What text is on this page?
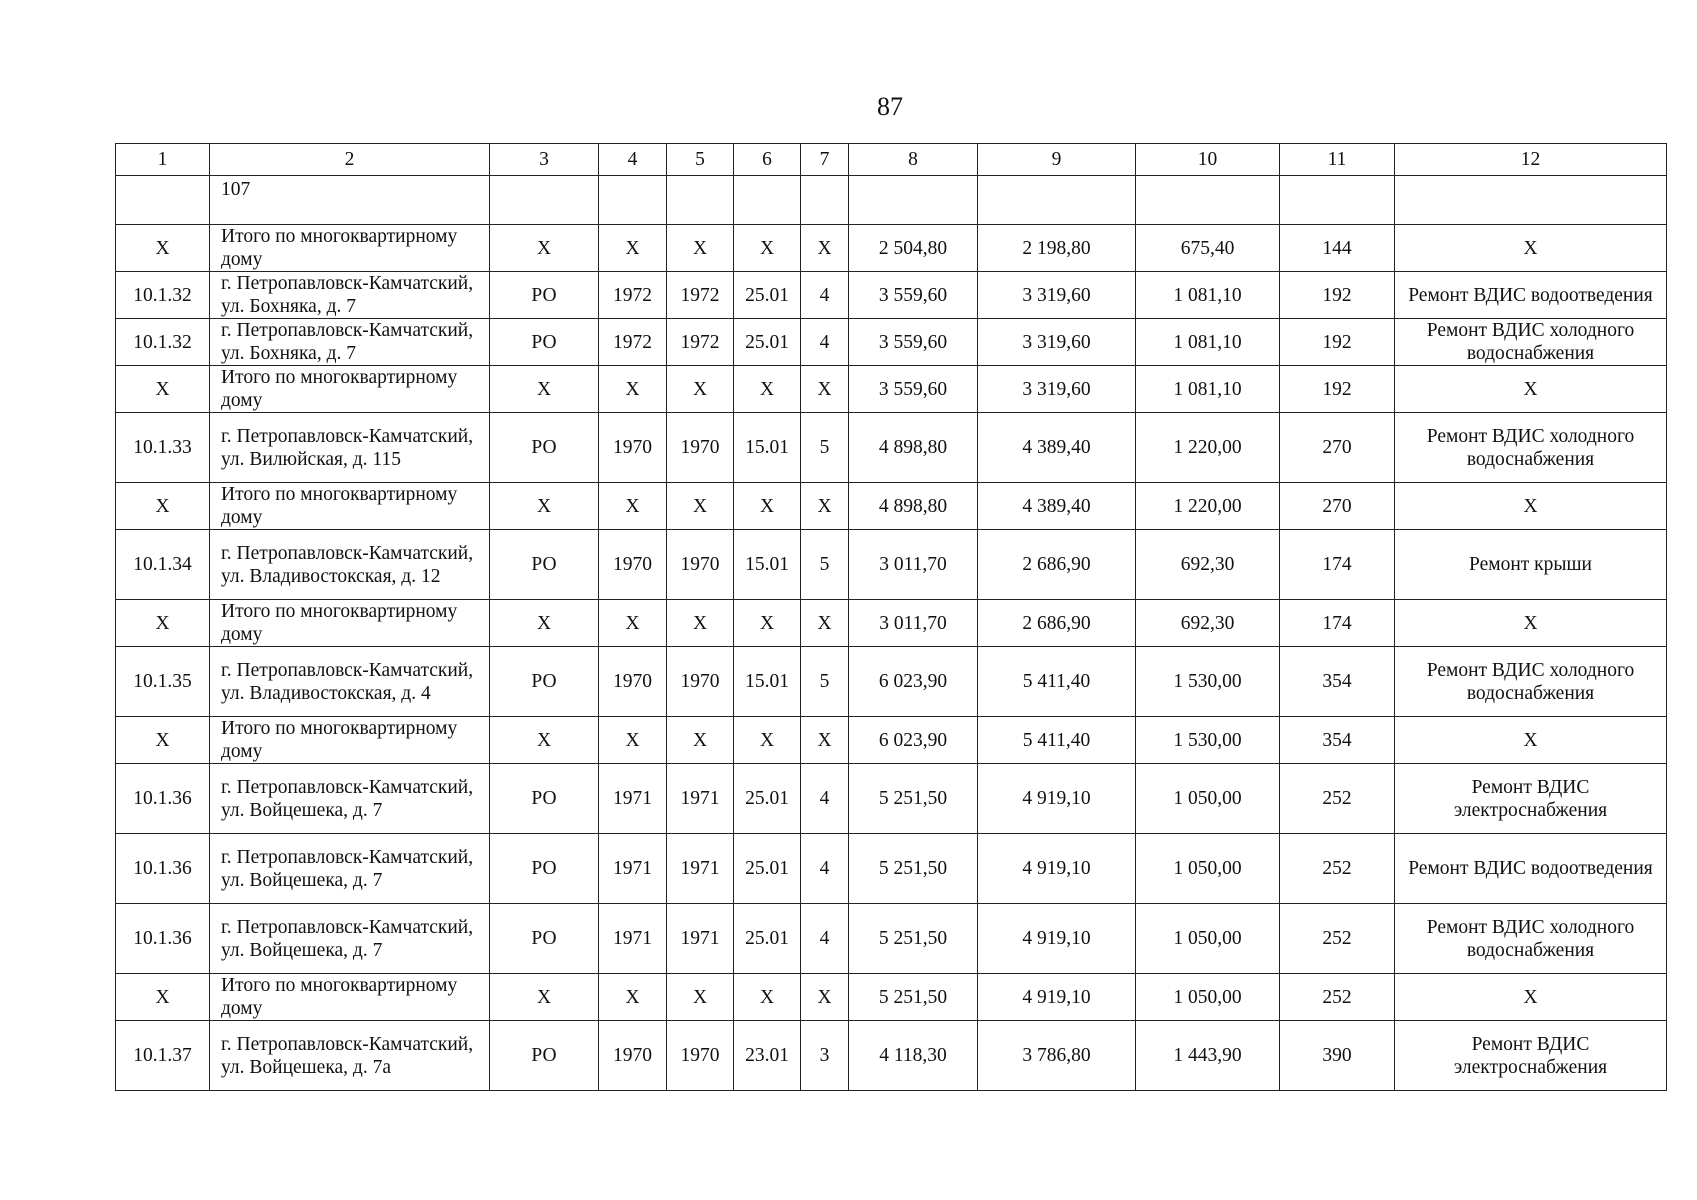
87
1	2	3	4	5	6	7	8	9	10	11	12
	107										
Х	Итого по многоквартирному дому	Х	Х	Х	Х	Х	2 504,80	2 198,80	675,40	144	Х
10.1.32	г. Петропавловск-Камчатский, ул. Бохняка, д. 7	РО	1972	1972	25.01	4	3 559,60	3 319,60	1 081,10	192	Ремонт ВДИС водоотведения
10.1.32	г. Петропавловск-Камчатский, ул. Бохняка, д. 7	РО	1972	1972	25.01	4	3 559,60	3 319,60	1 081,10	192	Ремонт ВДИС холодного водоснабжения
Х	Итого по многоквартирному дому	Х	Х	Х	Х	Х	3 559,60	3 319,60	1 081,10	192	Х
10.1.33	г. Петропавловск-Камчатский, ул. Вилюйская, д. 115	РО	1970	1970	15.01	5	4 898,80	4 389,40	1 220,00	270	Ремонт ВДИС холодного водоснабжения
Х	Итого по многоквартирному дому	Х	Х	Х	Х	Х	4 898,80	4 389,40	1 220,00	270	Х
10.1.34	г. Петропавловск-Камчатский, ул. Владивостокская, д. 12	РО	1970	1970	15.01	5	3 011,70	2 686,90	692,30	174	Ремонт крыши
Х	Итого по многоквартирному дому	Х	Х	Х	Х	Х	3 011,70	2 686,90	692,30	174	Х
10.1.35	г. Петропавловск-Камчатский, ул. Владивостокская, д. 4	РО	1970	1970	15.01	5	6 023,90	5 411,40	1 530,00	354	Ремонт ВДИС холодного водоснабжения
Х	Итого по многоквартирному дому	Х	Х	Х	Х	Х	6 023,90	5 411,40	1 530,00	354	Х
10.1.36	г. Петропавловск-Камчатский, ул. Войцешека, д. 7	РО	1971	1971	25.01	4	5 251,50	4 919,10	1 050,00	252	Ремонт ВДИС электроснабжения
10.1.36	г. Петропавловск-Камчатский, ул. Войцешека, д. 7	РО	1971	1971	25.01	4	5 251,50	4 919,10	1 050,00	252	Ремонт ВДИС водоотведения
10.1.36	г. Петропавловск-Камчатский, ул. Войцешека, д. 7	РО	1971	1971	25.01	4	5 251,50	4 919,10	1 050,00	252	Ремонт ВДИС холодного водоснабжения
Х	Итого по многоквартирному дому	Х	Х	Х	Х	Х	5 251,50	4 919,10	1 050,00	252	Х
10.1.37	г. Петропавловск-Камчатский, ул. Войцешека, д. 7а	РО	1970	1970	23.01	3	4 118,30	3 786,80	1 443,90	390	Ремонт ВДИС электроснабжения
